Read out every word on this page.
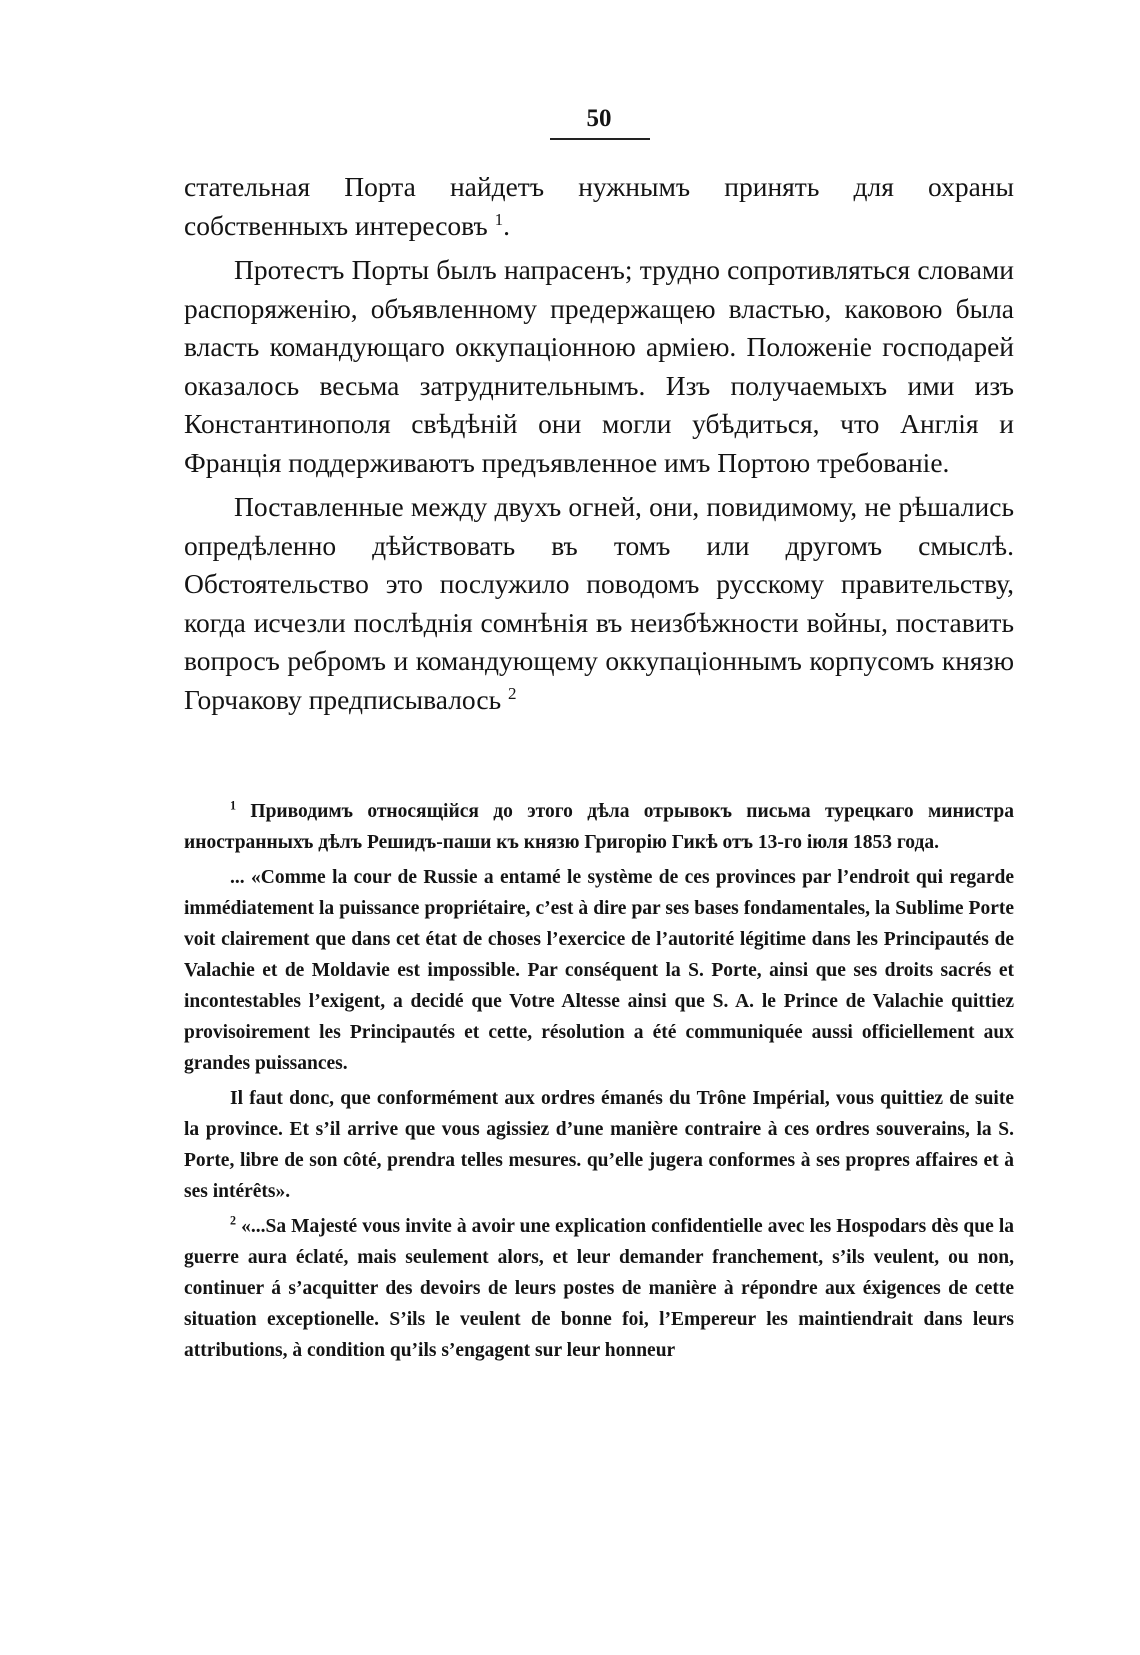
50

стательная Порта найдетъ нужнымъ принять для охраны собственныхъ интересовъ $^1$.

Протестъ Порты былъ напрасенъ; трудно сопротивляться словами распоряженію, объявленному предержащею властью, каковою была власть командующаго оккупаціонною арміею. Положеніе господарей оказалось весьма затруднительнымъ. Изъ получаемыхъ ими изъ Константинополя свѣдѣній они могли убѣдиться, что Англія и Франція поддерживаютъ предъявленное имъ Портою требованіе.

Поставленные между двухъ огней, они, повидимому, не рѣшались опредѣленно дѣйствовать въ томъ или другомъ смыслѣ. Обстоятельство это послужило поводомъ русскому правительству, когда исчезли послѣднія сомнѣнія въ неизбѣжности войны, поставить вопросъ ребромъ и командующему оккупаціоннымъ корпусомъ князю Горчакову предписывалось $^2$

$^1$ Приводимъ относящійся до этого дѣла отрывокъ письма турецкаго министра иностранныхъ дѣлъ Решидъ-паши къ князю Григорію Гикѣ отъ 13-го іюля 1853 года.

... «Comme la cour de Russie a entamé le système de ces provinces par l’endroit qui regarde immédiatement la puissance propriétaire, c’est à dire par ses bases fondamentales, la Sublime Porte voit clairement que dans cet état de choses l’exercice de l’autorité légitime dans les Principautés de Valachie et de Moldavie est impossible. Par conséquent la S. Porte, ainsi que ses droits sacrés et incontestables l’exigent, a decidé que Votre Altesse ainsi que S. A. le Prince de Valachie quittiez provisoirement les Principautés et cette, résolution a été communiquée aussi officiellement aux grandes puissances.

Il faut donc, que conformément aux ordres émanés du Trône Impérial, vous quittiez de suite la province. Et s’il arrive que vous agissiez d’une manière contraire à ces ordres souverains, la S. Porte, libre de son côté, prendra telles mesures. qu’elle jugera conformes à ses propres affaires et à ses intérêts».

$^2$ «...Sa Majesté vous invite à avoir une explication confidentielle avec les Hospodars dès que la guerre aura éclaté, mais seulement alors, et leur demander franchement, s’ils veulent, ou non, continuer á s’acquitter des devoirs de leurs postes de manière à répondre aux éxigences de cette situation exceptionelle. S’ils le veulent de bonne foi, l’Empereur les maintiendrait dans leurs attributions, à condition qu’ils s’engagent sur leur honneur
